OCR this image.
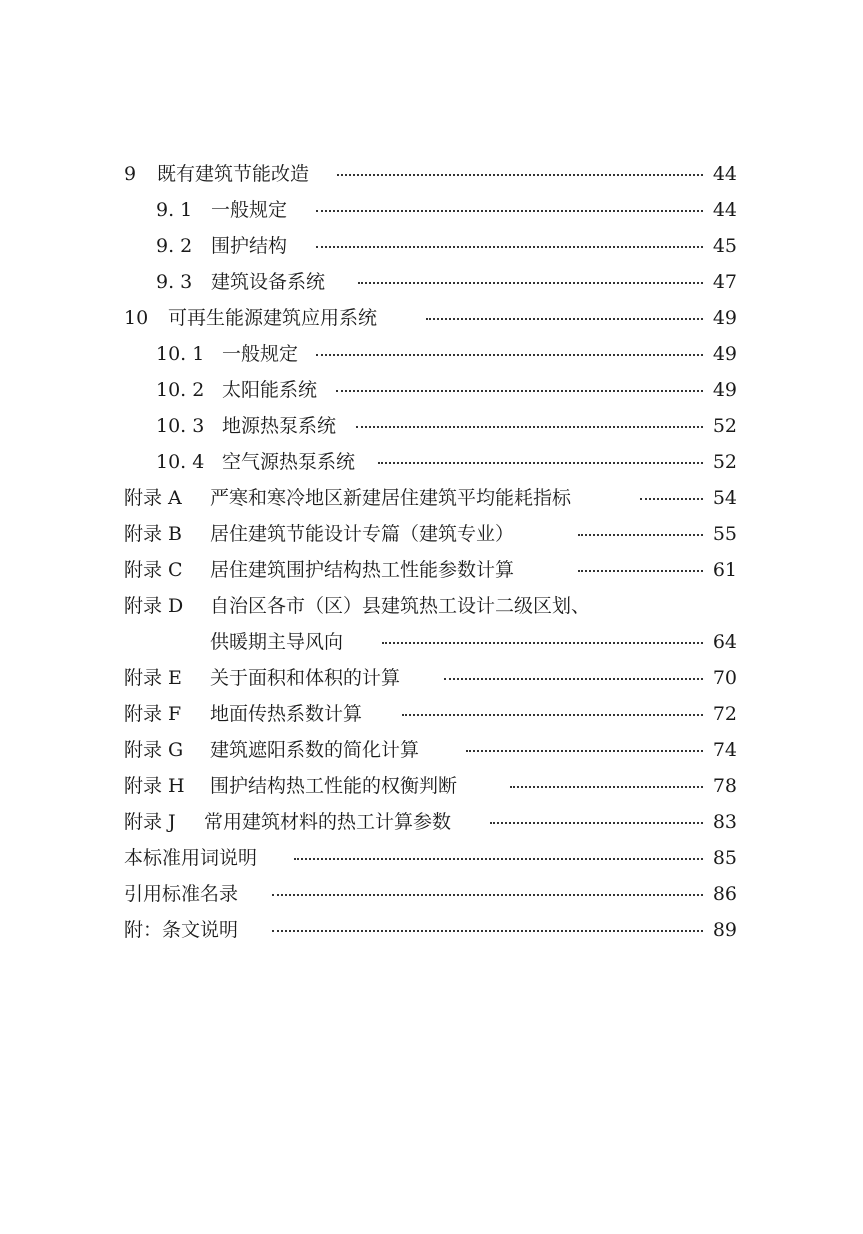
9 既有建筑节能改造	44
9. 1 一般规定	44
9. 2 围护结构	45
9. 3 建筑设备系统	47
10 可再生能源建筑应用系统	49
10. 1 一般规定	49
10. 2 太阳能系统	49
10. 3 地源热泵系统	52
10. 4 空气源热泵系统	52
附录 A 严寒和寒冷地区新建居住建筑平均能耗指标	54
附录 B 居住建筑节能设计专篇（建筑专业）	55
附录 C 居住建筑围护结构热工性能参数计算	61
附录 D 自治区各市（区）县建筑热工设计二级区划、
供暖期主导风向	64
附录 E 关于面积和体积的计算	70
附录 F 地面传热系数计算	72
附录 G 建筑遮阳系数的简化计算	74
附录 H 围护结构热工性能的权衡判断	78
附录 J 常用建筑材料的热工计算参数	83
本标准用词说明	85
引用标准名录	86
附：条文说明	89
